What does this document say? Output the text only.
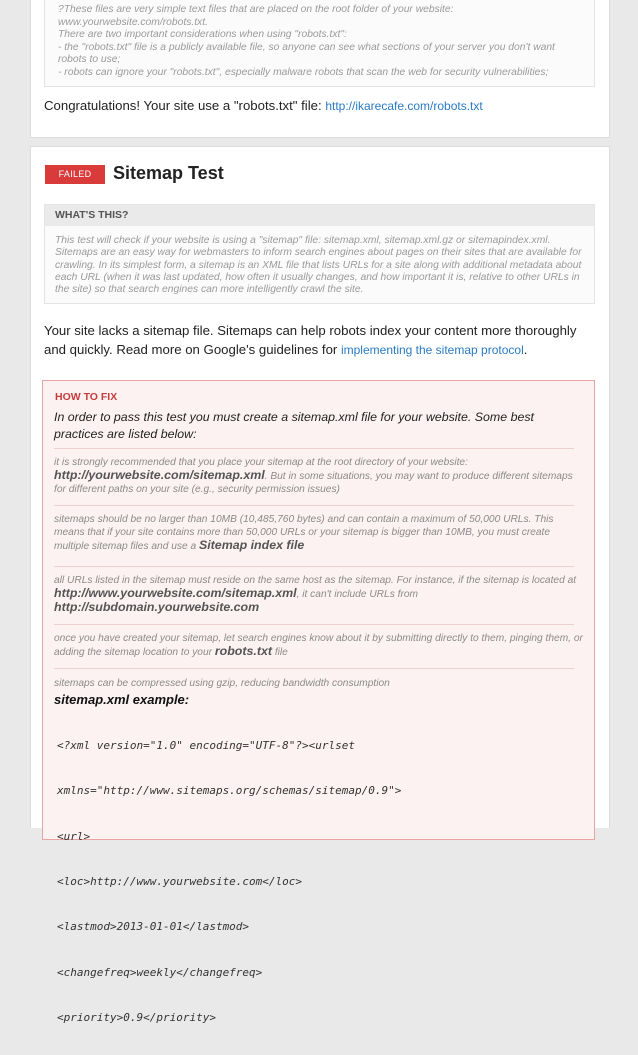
?These files are very simple text files that are placed on the root folder of your website:
www.yourwebsite.com/robots.txt.
There are two important considerations when using "robots.txt":
- the "robots.txt" file is a publicly available file, so anyone can see what sections of your server you don't want
robots to use;
- robots can ignore your "robots.txt", especially malware robots that scan the web for security vulnerabilities;
Congratulations! Your site use a "robots.txt" file: http://ikarecafe.com/robots.txt
FAILED	Sitemap Test
WHAT'S THIS?
This test will check if your website is using a "sitemap" file: sitemap.xml, sitemap.xml.gz or sitemapindex.xml. Sitemaps are an easy way for webmasters to inform search engines about pages on their sites that are available for crawling. In its simplest form, a sitemap is an XML file that lists URLs for a site along with additional metadata about each URL (when it was last updated, how often it usually changes, and how important it is, relative to other URLs in the site) so that search engines can more intelligently crawl the site.
Your site lacks a sitemap file. Sitemaps can help robots index your content more thoroughly and quickly. Read more on Google's guidelines for implementing the sitemap protocol.
HOW TO FIX
In order to pass this test you must create a sitemap.xml file for your website. Some best practices are listed below:
it is strongly recommended that you place your sitemap at the root directory of your website:
http://yourwebsite.com/sitemap.xml. But in some situations, you may want to produce different sitemaps for different paths on your site (e.g., security permission issues)
sitemaps should be no larger than 10MB (10,485,760 bytes) and can contain a maximum of 50,000 URLs. This means that if your site contains more than 50,000 URLs or your sitemap is bigger than 10MB, you must create multiple sitemap files and use a Sitemap index file
all URLs listed in the sitemap must reside on the same host as the sitemap. For instance, if the sitemap is located at http://www.yourwebsite.com/sitemap.xml, it can't include URLs from
http://subdomain.yourwebsite.com
once you have created your sitemap, let search engines know about it by submitting directly to them, pinging them, or adding the sitemap location to your robots.txt file
sitemaps can be compressed using gzip, reducing bandwidth consumption
sitemap.xml example:

<?xml version="1.0" encoding="UTF-8"?><urlset

xmlns="http://www.sitemaps.org/schemas/sitemap/0.9">

<url>

<loc>http://www.yourwebsite.com</loc>

<lastmod>2013-01-01</lastmod>

<changefreq>weekly</changefreq>

<priority>0.9</priority>
